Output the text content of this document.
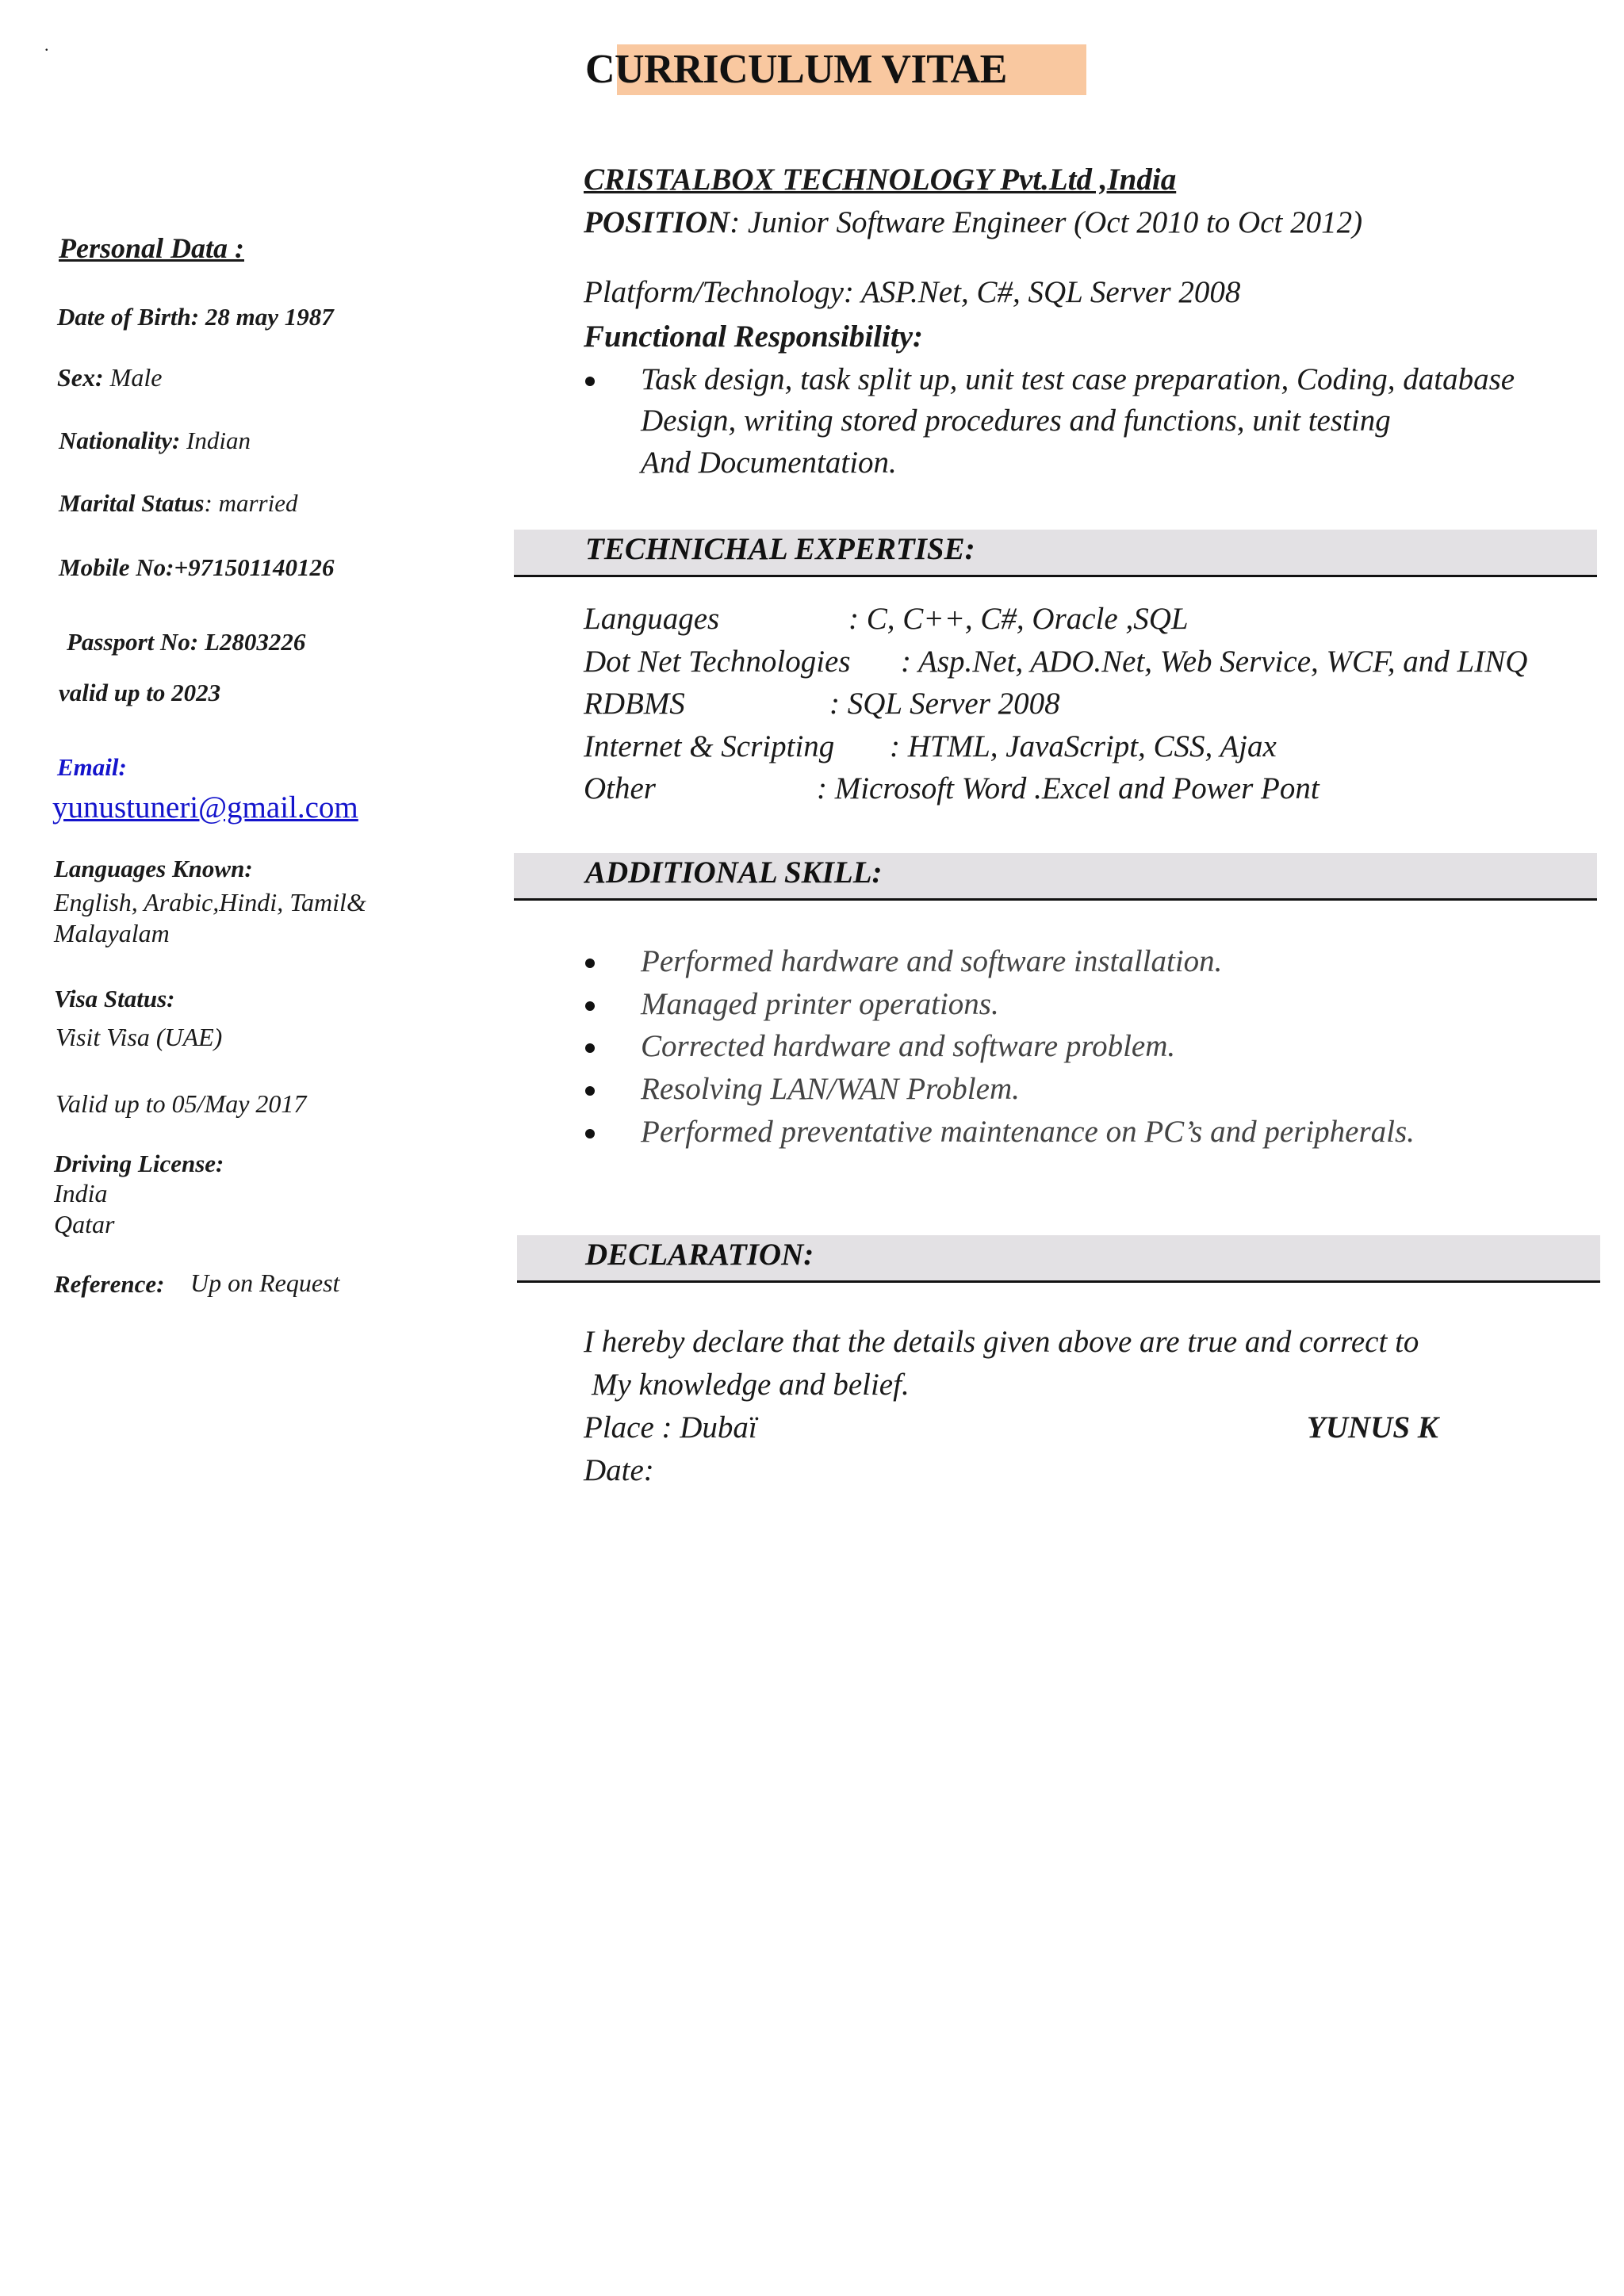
.
CURRICULUM VITAE
Personal Data :
Date of Birth: 28 may 1987
Sex: Male
Nationality: Indian
Marital Status: married
Mobile No:+971501140126
Passport No: L2803226
valid up to 2023
Email:
yunustuneri@gmail.com
Languages Known:
English, Arabic,Hindi, Tamil&
Malayalam
Visa Status:
Visit Visa (UAE)
Valid up to 05/May 2017
Driving License:
India
Qatar
Reference: Up on Request
CRISTALBOX TECHNOLOGY Pvt.Ltd ,India
POSITION: Junior Software Engineer (Oct 2010 to Oct 2012)
Platform/Technology: ASP.Net, C#, SQL Server 2008
Functional Responsibility:
Task design, task split up, unit test case preparation, Coding, database
Design, writing stored procedures and functions, unit testing
And Documentation.
TECHNICHAL EXPERTISE:
Languages	: C, C++, C#, Oracle ,SQL
Dot Net Technologies : Asp.Net, ADO.Net, Web Service, WCF, and LINQ
RDBMS	: SQL Server 2008
Internet & Scripting : HTML, JavaScript, CSS, Ajax
Other	: Microsoft Word .Excel and Power Pont
ADDITIONAL SKILL:
Performed hardware and software installation.
Managed printer operations.
Corrected hardware and software problem.
Resolving LAN/WAN Problem.
Performed preventative maintenance on PC’s and peripherals.
DECLARATION:
I hereby declare that the details given above are true and correct to
My knowledge and belief.
Place : Dubaï	YUNUS K
Date:
